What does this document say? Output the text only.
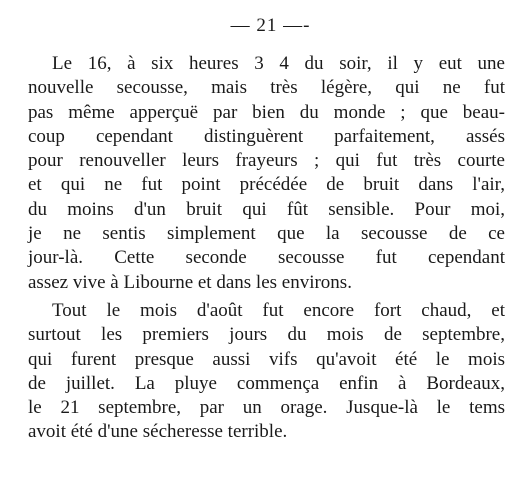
— 21 —-

Le 16, à six heures 3 4 du soir, il y eut une
nouvelle secousse, mais très légère, qui ne fut
pas même apperçuë par bien du monde ; que beau-
coup cependant distinguèrent parfaitement, assés
pour renouveller leurs frayeurs ; qui fut très courte
et qui ne fut point précédée de bruit dans l'air,
du moins d'un bruit qui fût sensible. Pour moi,
je ne sentis simplement que la secousse de ce
jour-là. Cette seconde secousse fut cependant
assez vive à Libourne et dans les environs.

Tout le mois d'août fut encore fort chaud, et
surtout les premiers jours du mois de septembre,
qui furent presque aussi vifs qu'avoit été le mois
de juillet. La pluye commença enfin à Bordeaux,
le 21 septembre, par un orage. Jusque-là le tems
avoit été d'une sécheresse terrible.
